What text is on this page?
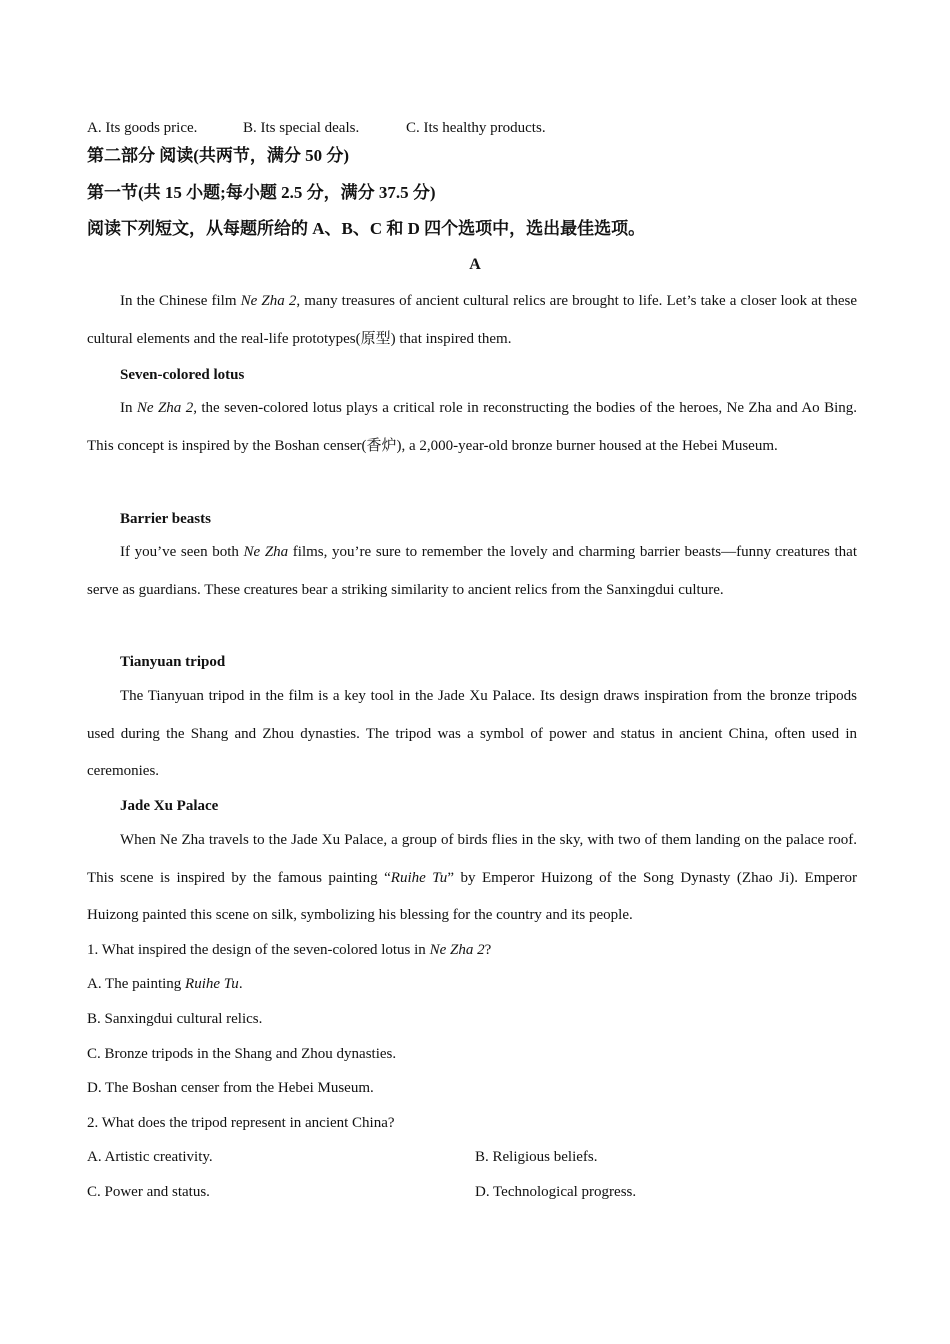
A. Its goods price.	B. Its special deals.	C. Its healthy products.
第二部分 阅读(共两节，满分 50 分)
第一节(共 15 小题;每小题 2.5 分，满分 37.5 分)
阅读下列短文，从每题所给的 A、B、C 和 D 四个选项中，选出最佳选项。
A

In the Chinese film Ne Zha 2, many treasures of ancient cultural relics are brought to life. Let’s take a closer look at these cultural elements and the real-life prototypes(原型) that inspired them.

Seven-colored lotus

In Ne Zha 2, the seven-colored lotus plays a critical role in reconstructing the bodies of the heroes, Ne Zha and Ao Bing. This concept is inspired by the Boshan censer(香炉), a 2,000-year-old bronze burner housed at the Hebei Museum.

Barrier beasts

If you’ve seen both Ne Zha films, you’re sure to remember the lovely and charming barrier beasts—funny creatures that serve as guardians. These creatures bear a striking similarity to ancient relics from the Sanxingdui culture.

Tianyuan tripod

The Tianyuan tripod in the film is a key tool in the Jade Xu Palace. Its design draws inspiration from the bronze tripods used during the Shang and Zhou dynasties. The tripod was a symbol of power and status in ancient China, often used in ceremonies.

Jade Xu Palace

When Ne Zha travels to the Jade Xu Palace, a group of birds flies in the sky, with two of them landing on the palace roof. This scene is inspired by the famous painting “Ruihe Tu” by Emperor Huizong of the Song Dynasty (Zhao Ji). Emperor Huizong painted this scene on silk, symbolizing his blessing for the country and its people.

1. What inspired the design of the seven-colored lotus in Ne Zha 2?
A. The painting Ruihe Tu.
B. Sanxingdui cultural relics.
C. Bronze tripods in the Shang and Zhou dynasties.
D. The Boshan censer from the Hebei Museum.
2. What does the tripod represent in ancient China?
A. Artistic creativity.	B. Religious beliefs.
C. Power and status.	D. Technological progress.
